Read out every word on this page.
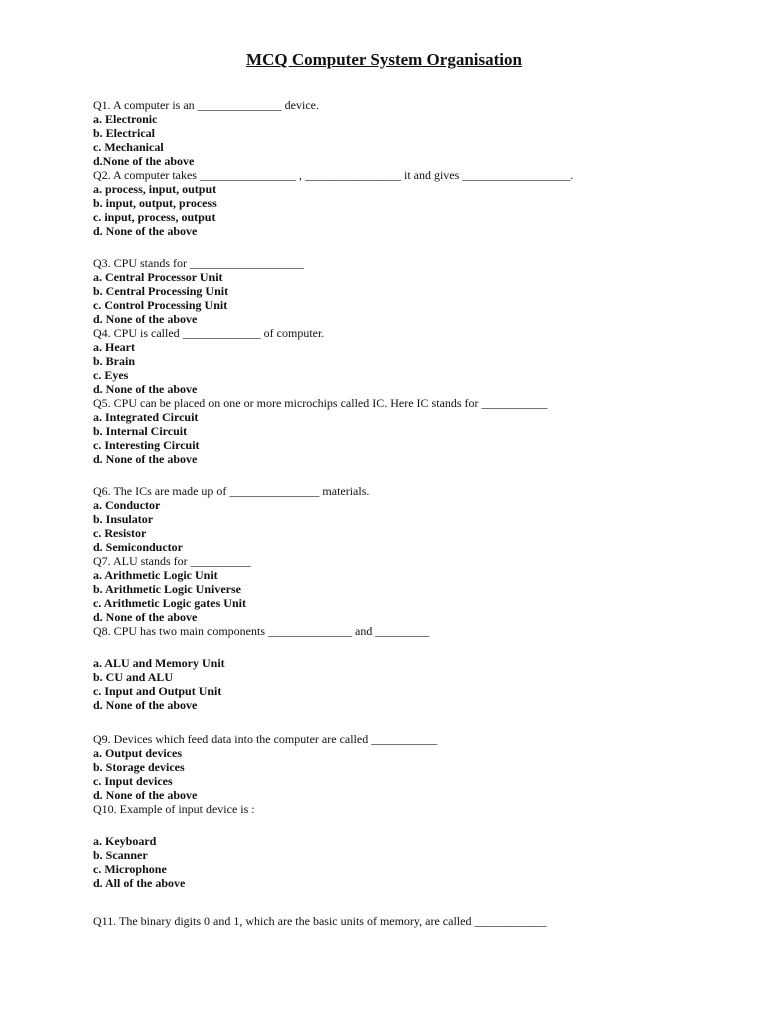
MCQ Computer System Organisation
Q1. A computer is an ______________ device.
a. Electronic
b. Electrical
c. Mechanical
d.None of the above
Q2. A computer takes ________________ , ________________ it and gives __________________.
a. process, input, output
b. input, output, process
c. input, process, output
d. None of the above
Q3. CPU stands for ___________________
a. Central Processor Unit
b. Central Processing Unit
c. Control Processing Unit
d. None of the above
Q4. CPU is called _____________ of computer.
a. Heart
b. Brain
c. Eyes
d. None of the above
Q5. CPU can be placed on one or more microchips called IC. Here IC stands for ___________
a. Integrated Circuit
b. Internal Circuit
c. Interesting Circuit
d. None of the above
Q6. The ICs are made up of _______________ materials.
a. Conductor
b. Insulator
c. Resistor
d. Semiconductor
Q7. ALU stands for __________
a. Arithmetic Logic Unit
b. Arithmetic Logic Universe
c. Arithmetic Logic gates Unit
d. None of the above
Q8. CPU has two main components ______________ and _________
a. ALU and Memory Unit
b. CU and ALU
c. Input and Output Unit
d. None of the above
Q9. Devices which feed data into the computer are called ___________
a. Output devices
b. Storage devices
c. Input devices
d. None of the above
Q10. Example of input device is :
a. Keyboard
b. Scanner
c. Microphone
d. All of the above
Q11. The binary digits 0 and 1, which are the basic units of memory, are called ____________
